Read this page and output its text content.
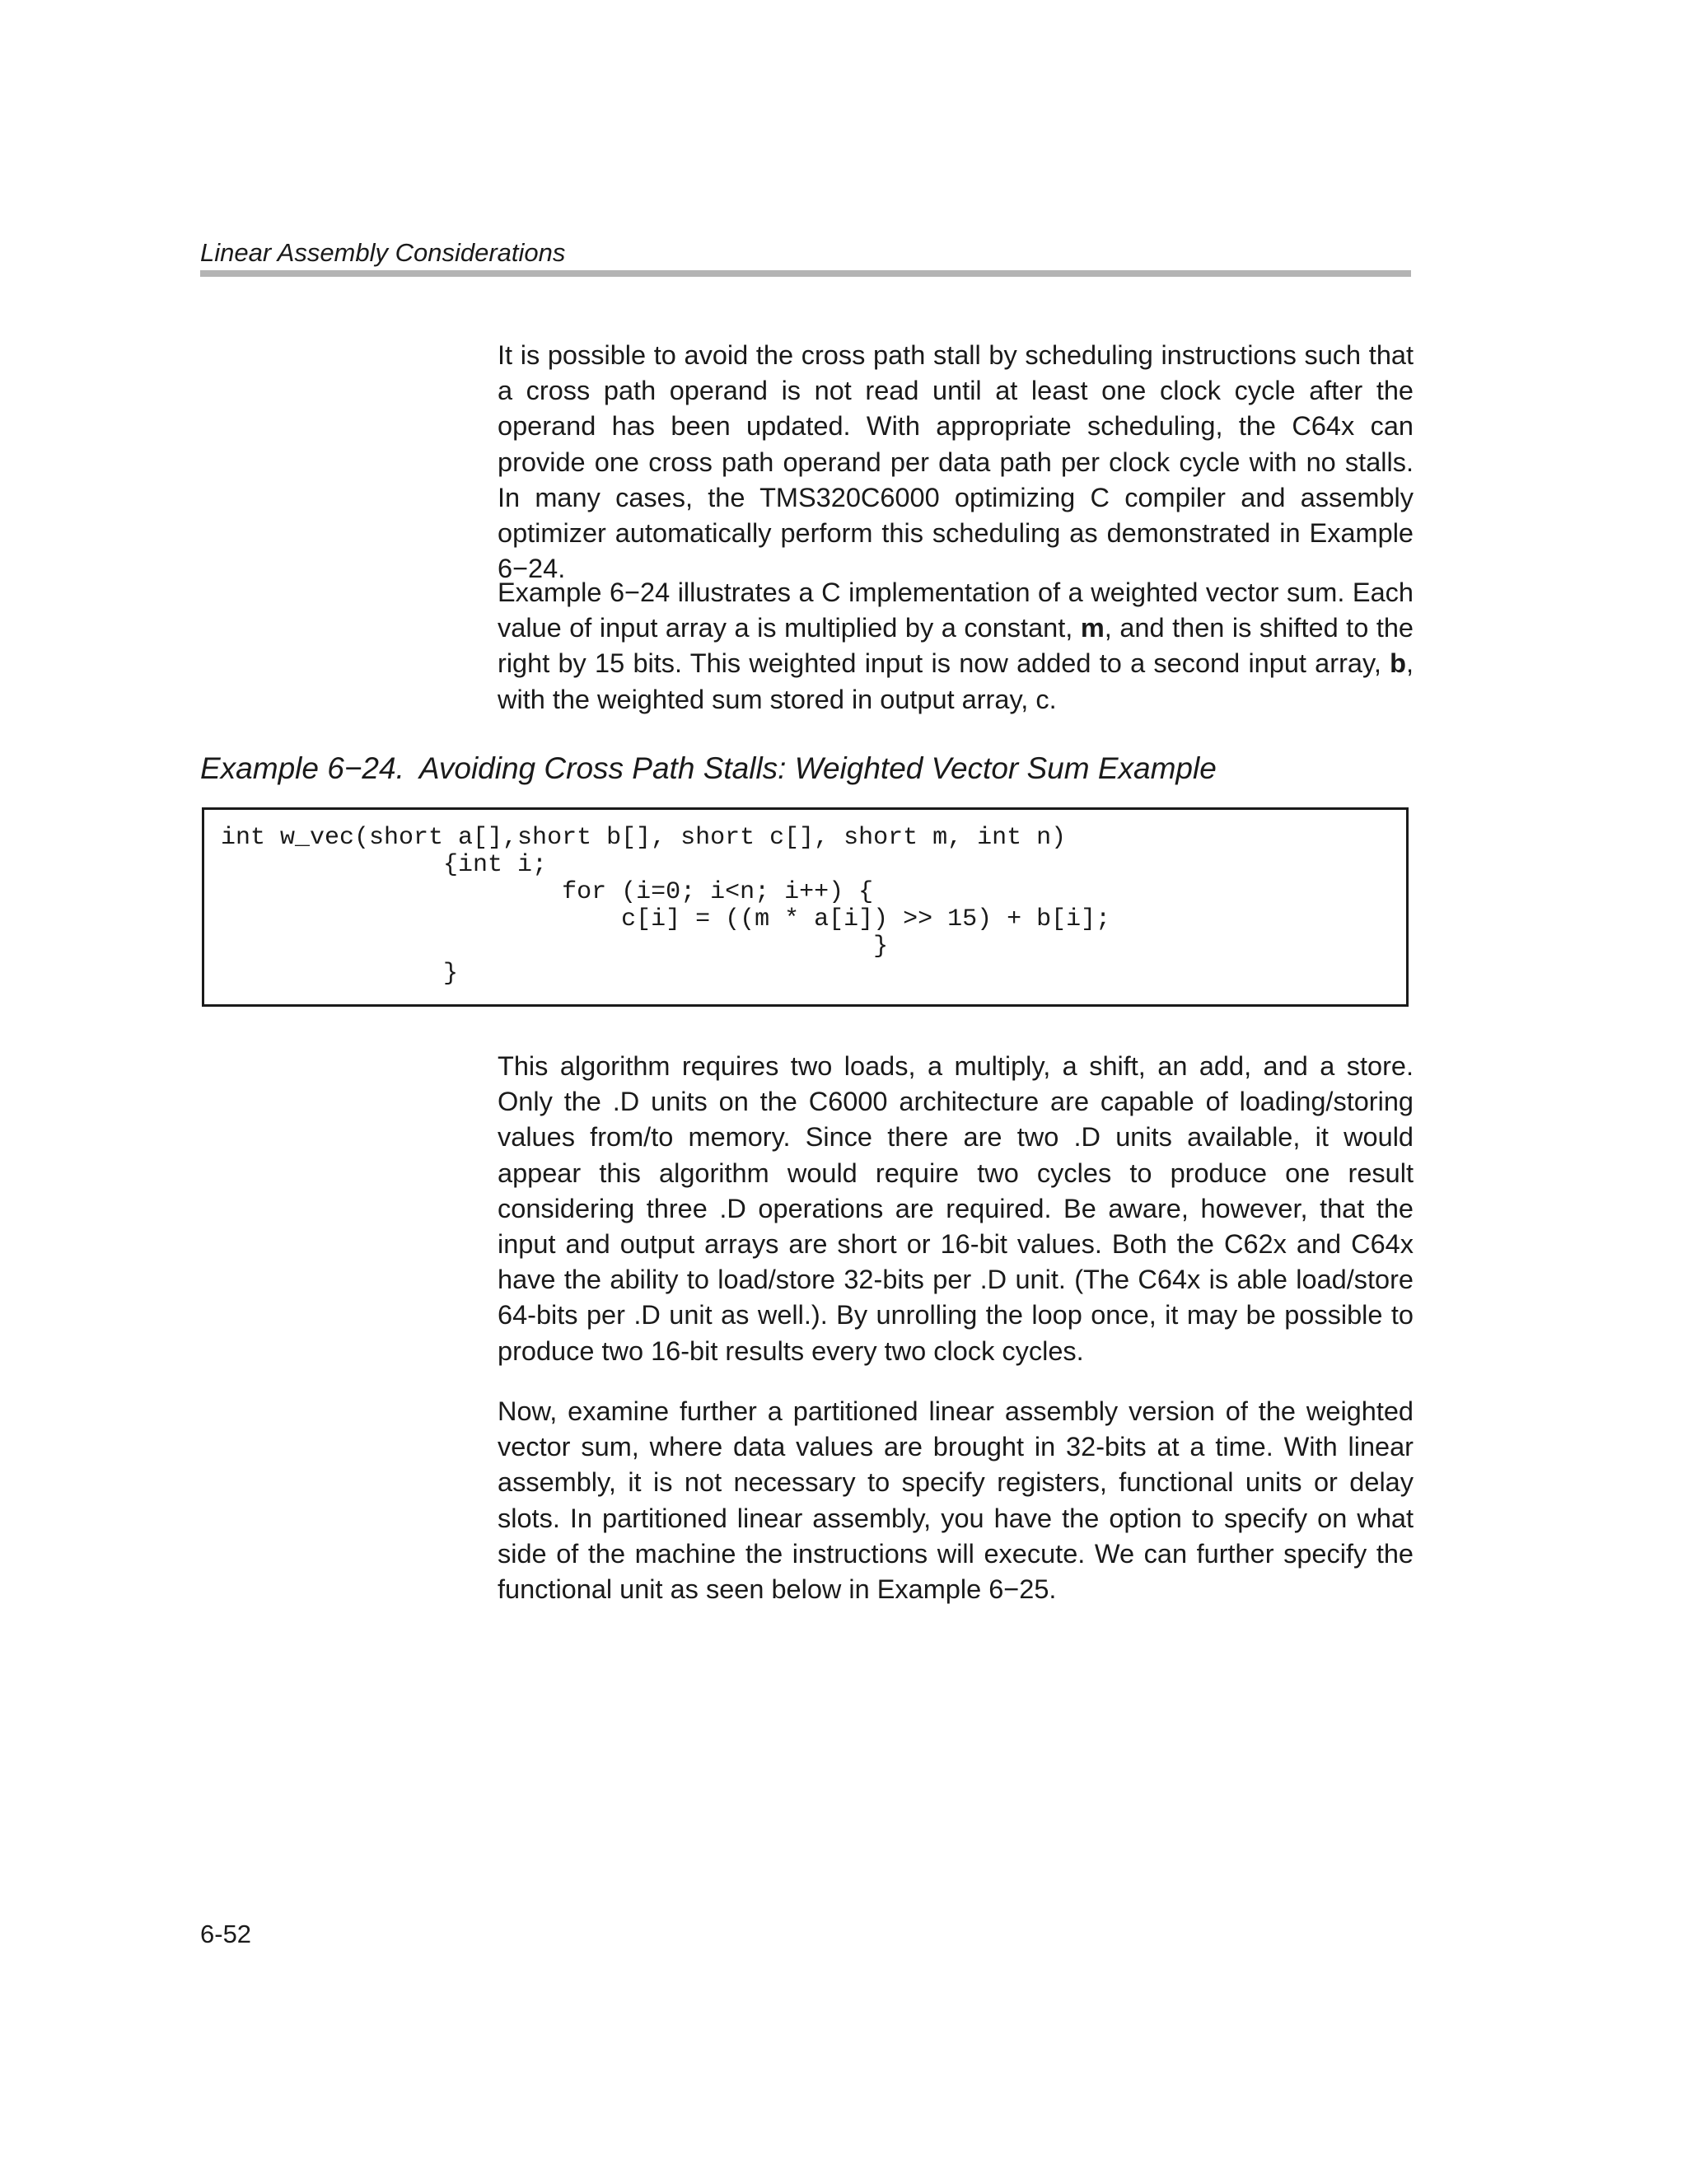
Linear Assembly Considerations

It is possible to avoid the cross path stall by scheduling instructions such that a cross path operand is not read until at least one clock cycle after the operand has been updated. With appropriate scheduling, the C64x can provide one cross path operand per data path per clock cycle with no stalls. In many cases, the TMS320C6000 optimizing C compiler and assembly optimizer automatically perform this scheduling as demonstrated in Example 6−24.

Example 6−24 illustrates a C implementation of a weighted vector sum. Each value of input array a is multiplied by a constant, m, and then is shifted to the right by 15 bits. This weighted input is now added to a second input array, b, with the weighted sum stored in output array, c.

Example 6−24. Avoiding Cross Path Stalls: Weighted Vector Sum Example
int w_vec(short a[],short b[], short c[], short m, int n)
{int i;
for (i=0; i<n; i++) {
c[i] = ((m * a[i]) >> 15) + b[i];
}
}

This algorithm requires two loads, a multiply, a shift, an add, and a store. Only the .D units on the C6000 architecture are capable of loading/storing values from/to memory. Since there are two .D units available, it would appear this algorithm would require two cycles to produce one result considering three .D operations are required. Be aware, however, that the input and output arrays are short or 16-bit values. Both the C62x and C64x have the ability to load/store 32-bits per .D unit. (The C64x is able load/store 64-bits per .D unit as well.). By unrolling the loop once, it may be possible to produce two 16-bit results every two clock cycles.

Now, examine further a partitioned linear assembly version of the weighted vector sum, where data values are brought in 32-bits at a time. With linear assembly, it is not necessary to specify registers, functional units or delay slots. In partitioned linear assembly, you have the option to specify on what side of the machine the instructions will execute. We can further specify the functional unit as seen below in Example 6−25.

6-52
